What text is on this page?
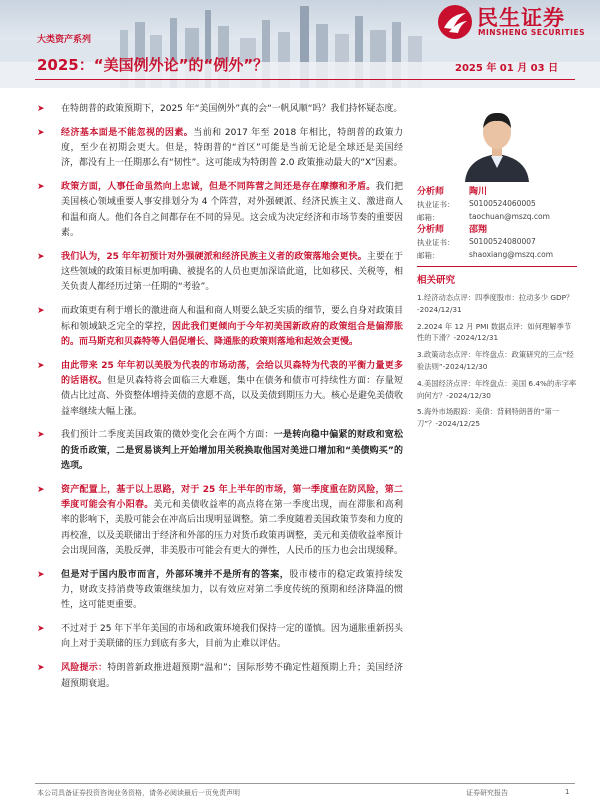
民生证券
MINSHENG SECURITIES
大类资产系列
2025：“美国例外论”的“例外”？	2025 年 01 月 03 日
➤ 在特朗普的政策预期下，2025 年“美国例外”真的会“一帆风顺“吗？我们持怀疑态度。
➤ 经济基本面是不能忽视的因素。当前和 2017 年至 2018 年相比，特朗普的政策力度，至少在初期会更大。但是，特朗普的“首区”可能是当前无论是全球还是美国经济，都没有上一任期那么有“韧性”。这可能成为特朗普 2.0 政策推动最大的“X”因素。
➤ 政策方面，人事任命虽然向上忠诚，但是不同阵营之间还是存在摩擦和矛盾。我们把美国核心领域重要人事安排划分为 4 个阵营，对外强硬派、经济民族主义、激进商人和温和商人。他们各自之间都存在不同的异见。这会成为决定经济和市场节奏的重要因素。
➤ 我们认为，25 年年初预计对外强硬派和经济民族主义者的政策落地会更快。主要在于这些领域的政策目标更加明确、被提名的人员也更加深谙此道，比如移民、关税等，相关负责人都经历过第一任期的“考验”。
➤ 而政策更有利于增长的激进商人和温和商人则要么缺乏实质的细节，要么自身对政策目标和领域缺乏完全的掌控，因此我们更倾向于今年初美国新政府的政策组合是偏滞胀的。而马斯克和贝森特等人倡促增长、降通胀的政策则落地和起效会更慢。
➤ 由此带来 25 年年初以美股为代表的市场动荡，会给以贝森特为代表的平衡力量更多的话语权。但是贝森特将会面临三大难题，集中在债务和债市可持续性方面：存量短债占比过高、外资整体增持美债的意愿不高，以及美债到期压力大。核心是避免美债收益率继续大幅上涨。
➤ 我们预计二季度美国政策的微妙变化会在两个方面：一是转向稳中偏紧的财政和宽松的货币政策，二是贸易谈判上开始增加用关税换取他国对美进口增加和“美债购买”的选项。
➤ 资产配置上，基于以上思路，对于 25 年上半年的市场，第一季度重在防风险，第二季度可能会有小阳春。美元和美债收益率的高点将在第一季度出现，而在滞胀和高利率的影响下，美股可能会在冲高后出现明显调整。第二季度随着美国政策节奏和力度的再校准，以及美联储出于经济和外部的压力对货币政策再调整，美元和美债收益率预计会出现回落，美股反弹，非美股市可能会有更大的弹性，人民币的压力也会出现缓释。
➤ 但是对于国内股市而言，外部环境并不是所有的答案，股市楼市的稳定政策持续发力，财政支持消费等政策继续加力，以有效应对第二季度传统的预期和经济降温的惯性，这可能更重要。
➤ 不过对于 25 年下半年美国的市场和政策环境我们保持一定的谨慎。因为通胀重新拐头向上对于美联储的压力到底有多大，目前为止难以评估。
➤ 风险提示：特朗普新政推进超预期“温和”；国际形势不确定性超预期上升；美国经济超预期衰退。
分析师	陶川
执业证书： S0100524060005
邮箱：	taochuan@mszq.com
分析师	邵翔
执业证书： S0100524080007
邮箱：	shaoxiang@mszq.com
相关研究
1.经济动态点评：四季度股市：拉动多少 GDP？ -2024/12/31
2.2024 年 12 月 PMI 数据点评：如何理解季节性的下滑？-2024/12/31
3.政策动态点评：年终盘点：政策研究的三点“经验法则”-2024/12/30
4.美国经济点评：年终盘点：美国 6.4%的赤字率向何方？-2024/12/30
5.海外市场跟踪：美债：背刺特朗普的“第一刀”？-2024/12/25
本公司具备证券投资咨询业务资格，请务必阅读最后一页免责声明	证券研究报告	1
